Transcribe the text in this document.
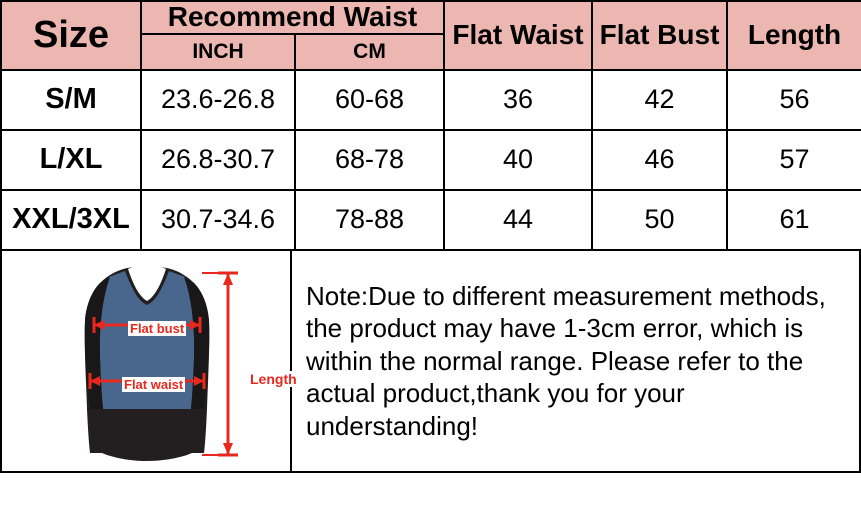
Size	Recommend Waist		Flat Waist	Flat Bust	Length
	INCH	CM			
S/M	23.6-26.8	60-68	36	42	56
L/XL	26.8-30.7	68-78	40	46	57
XXL/3XL	30.7-34.6	78-88	44	50	61
Flat bust
Flat waist	Length
Note:Due to different measurement methods, the product may have 1-3cm error, which is within the normal range. Please refer to the actual product,thank you for your understanding!
